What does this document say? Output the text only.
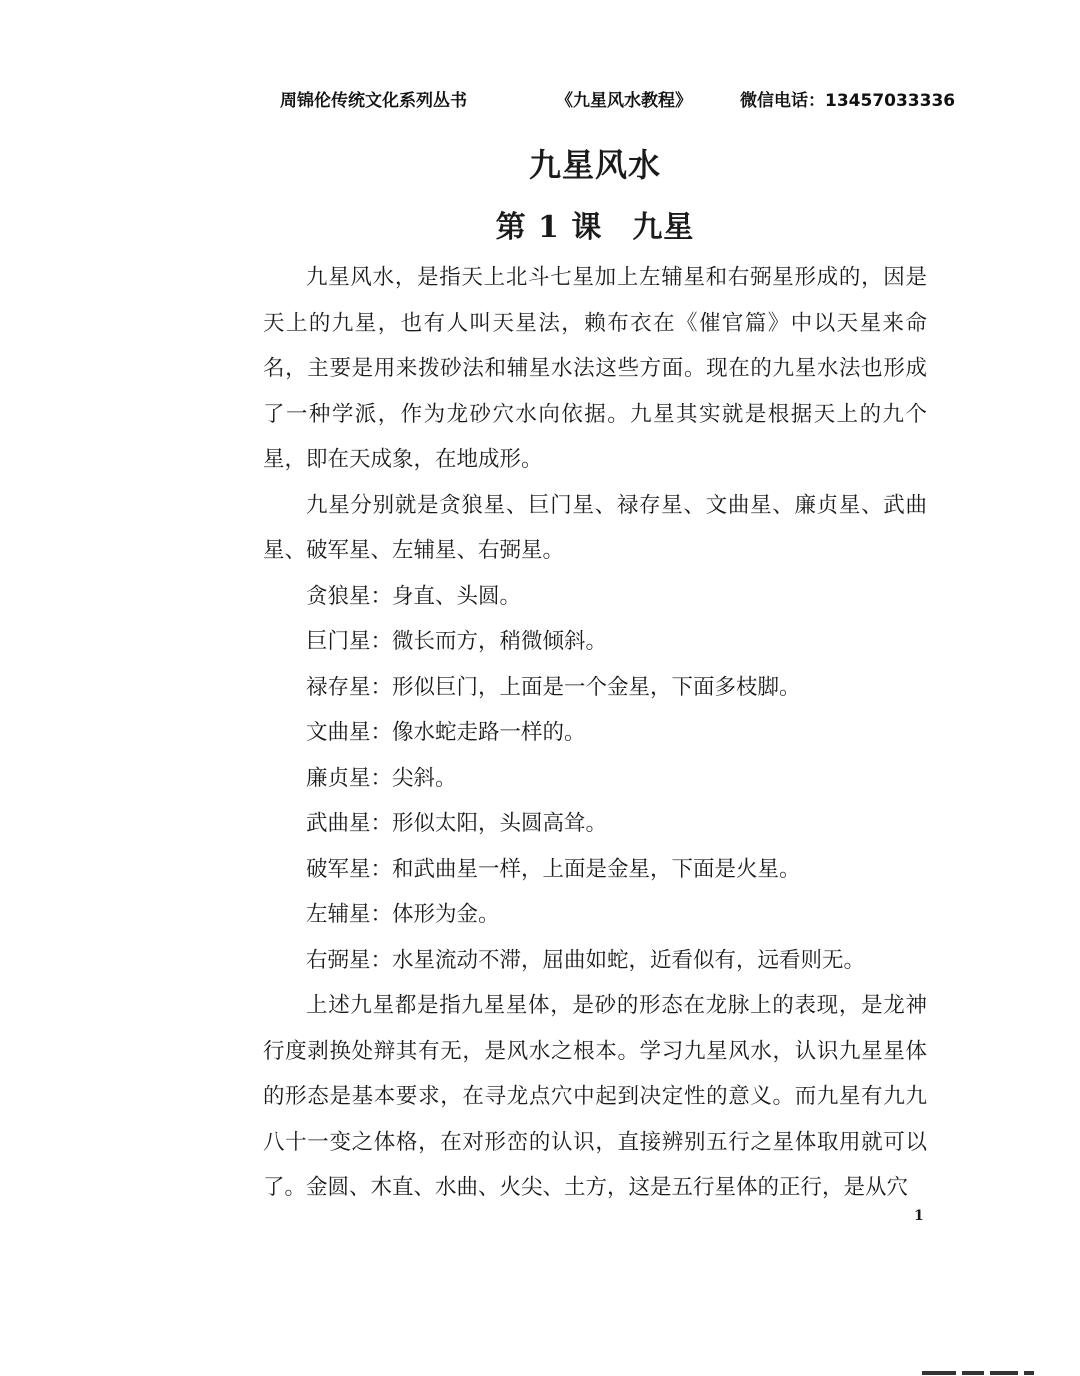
周锦伦传统文化系列丛书	《九星风水教程》	微信电话：13457033336
九星风水
第 1 课 九星

九星风水，是指天上北斗七星加上左辅星和右弼星形成的，因是天上的九星，也有人叫天星法，赖布衣在《催官篇》中以天星来命名，主要是用来拨砂法和辅星水法这些方面。现在的九星水法也形成了一种学派，作为龙砂穴水向依据。九星其实就是根据天上的九个星，即在天成象，在地成形。

九星分别就是贪狼星、巨门星、禄存星、文曲星、廉贞星、武曲星、破军星、左辅星、右弼星。

贪狼星：身直、头圆。

巨门星：微长而方，稍微倾斜。

禄存星：形似巨门，上面是一个金星，下面多枝脚。

文曲星：像水蛇走路一样的。

廉贞星：尖斜。

武曲星：形似太阳，头圆高耸。

破军星：和武曲星一样，上面是金星，下面是火星。

左辅星：体形为金。

右弼星：水星流动不滞，屈曲如蛇，近看似有，远看则无。

上述九星都是指九星星体，是砂的形态在龙脉上的表现，是龙神行度剥换处辩其有无，是风水之根本。学习九星风水，认识九星星体的形态是基本要求，在寻龙点穴中起到决定性的意义。而九星有九九八十一变之体格，在对形峦的认识，直接辨别五行之星体取用就可以了。金圆、木直、水曲、火尖、土方，这是五行星体的正行，是从穴

1
